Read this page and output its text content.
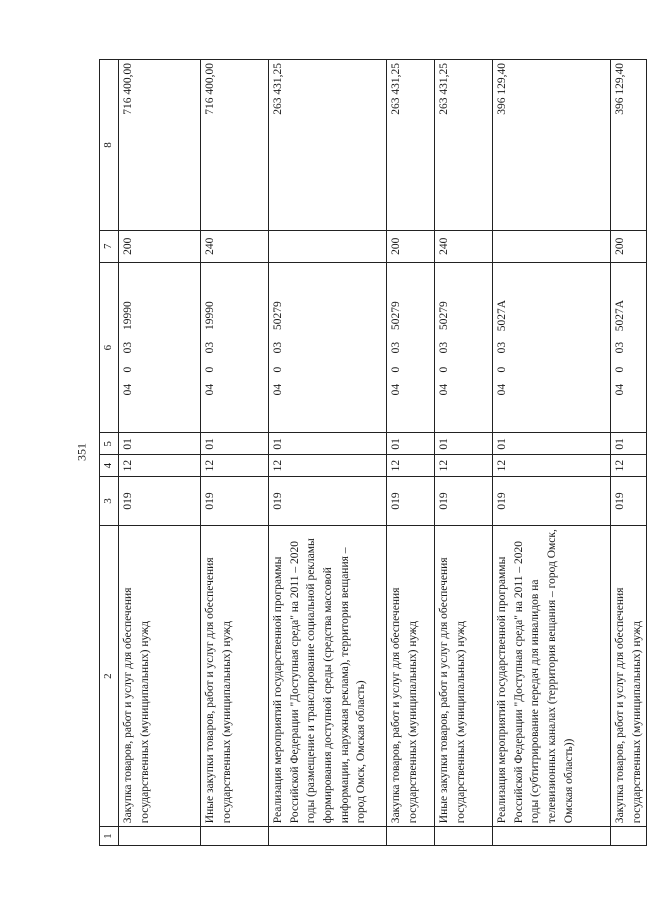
351
1	2	3	4	5	6	7	8
	Закупка товаров, работ и услуг для обеспечения государственных (муниципальных) нужд	019	12	01	0400319990	200	716 400,00
	Иные закупки товаров, работ и услуг для обеспечения государственных (муниципальных) нужд	019	12	01	0400319990	240	716 400,00
	Реализация мероприятий государственной программы Российской Федерации "Доступная среда" на 2011 – 2020 годы (размещение и транслирование социальной рекламы формирования доступной среды (средства массовой информации, наружная реклама), территория вещания – город Омск, Омская область)	019	12	01	0400350279		263 431,25
	Закупка товаров, работ и услуг для обеспечения государственных (муниципальных) нужд	019	12	01	0400350279	200	263 431,25
	Иные закупки товаров, работ и услуг для обеспечения государственных (муниципальных) нужд	019	12	01	0400350279	240	263 431,25
	Реализация мероприятий государственной программы Российской Федерации "Доступная среда" на 2011 – 2020 годы (субтитрирование передач для инвалидов на телевизионных каналах (территория вещания – город Омск, Омская область))	019	12	01	040035027A		396 129,40
	Закупка товаров, работ и услуг для обеспечения государственных (муниципальных) нужд	019	12	01	040035027A	200	396 129,40
